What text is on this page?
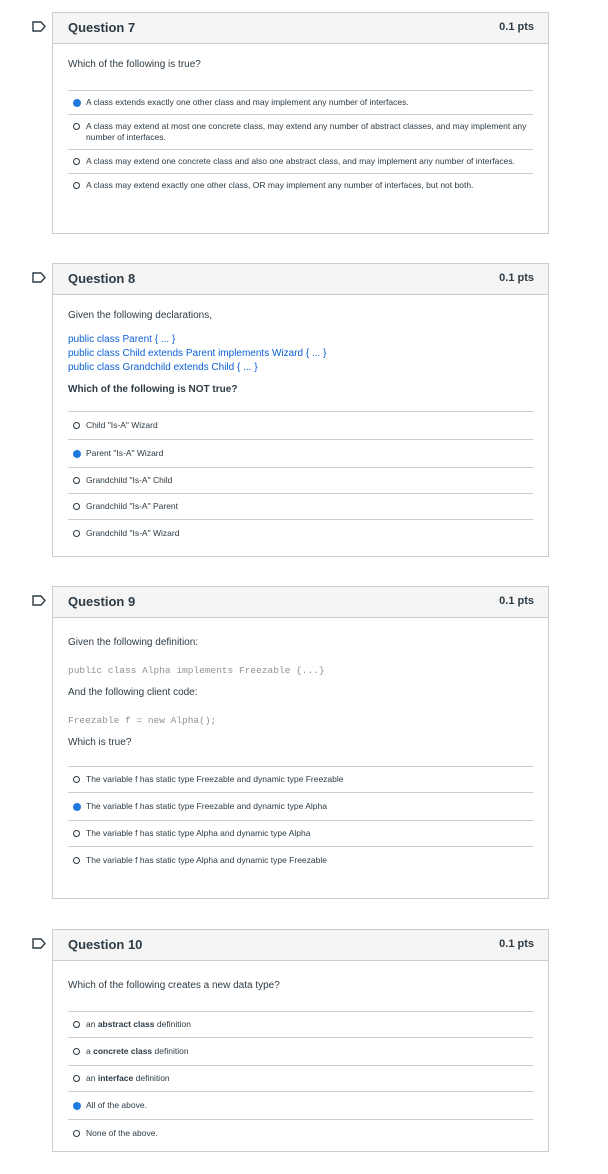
Question 7	0.1 pts

Which of the following is true?

A class extends exactly one other class and may implement any number of interfaces.
A class may extend at most one concrete class, may extend any number of abstract classes, and may implement any number of interfaces.
A class may extend one concrete class and also one abstract class, and may implement any number of interfaces.
A class may extend exactly one other class, OR may implement any number of interfaces, but not both.
Question 8	0.1 pts

Given the following declarations,

public class Parent { ... }
public class Child extends Parent implements Wizard { ... }
public class Grandchild extends Child { ... }

Which of the following is NOT true?

Child "Is-A" Wizard
Parent "Is-A" Wizard
Grandchild "Is-A" Child
Grandchild "Is-A" Parent
Grandchild "Is-A" Wizard
Question 9	0.1 pts

Given the following definition:

public class Alpha implements Freezable {...}

And the following client code:

Freezable f = new Alpha();

Which is true?

The variable f has static type Freezable and dynamic type Freezable
The variable f has static type Freezable and dynamic type Alpha
The variable f has static type Alpha and dynamic type Alpha
The variable f has static type Alpha and dynamic type Freezable
Question 10	0.1 pts

Which of the following creates a new data type?

an abstract class definition
a concrete class definition
an interface definition
All of the above.
None of the above.
